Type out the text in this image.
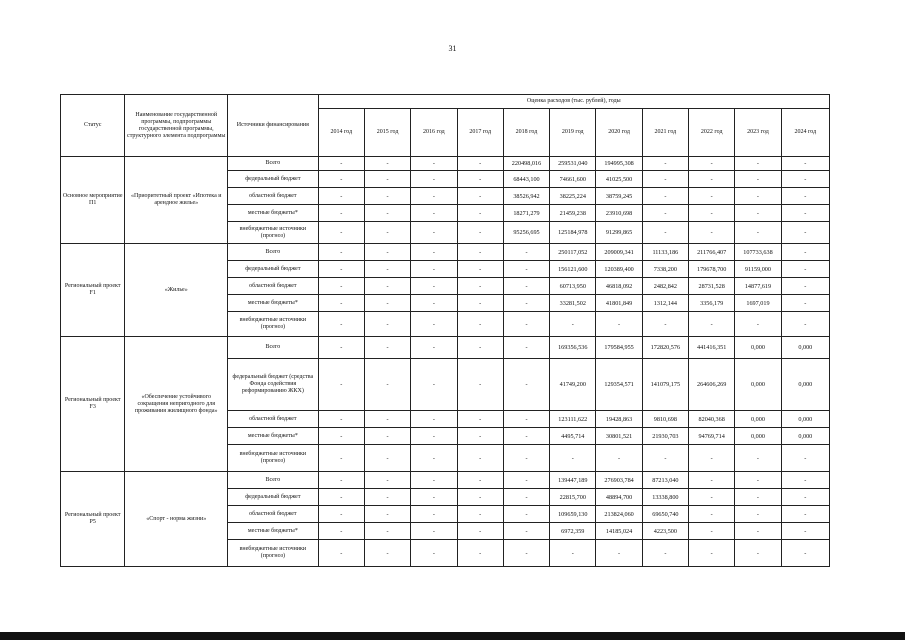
31
Статус	Наименование государственной программы, подпрограммы государственной программы, структурного элемента подпрограммы	Источники финансирования	Оценка расходов (тыс. рублей), годы										
			2014 год	2015 год	2016 год	2017 год	2018 год	2019 год	2020 год	2021 год	2022 год	2023 год	2024 год
Основное мероприятие П1	«Приоритетный проект «Ипотека и арендное жилье»	Всего	-	-	-	-	220498,016	259531,040	194995,308	-	-	-	-
		федеральный бюджет	-	-	-	-	68443,100	74661,600	41025,500	-	-	-	-
		областной бюджет	-	-	-	-	38526,942	38225,224	38759,245	-	-	-	-
		местные бюджеты*	-	-	-	-	18271,279	21459,238	23910,698	-	-	-	-
		внебюджетные источники (прогноз)	-	-	-	-	95256,695	125184,978	91299,865	-	-	-	-
Региональный проект F1	«Жилье»	Всего	-	-	-	-	-	250117,052	209009,341	11133,186	211766,407	107733,638	-
		федеральный бюджет	-	-	-	-	-	156121,600	120389,400	7338,200	179678,700	91159,000	-
		областной бюджет	-	-	-	-	-	60713,950	46818,092	2482,842	28731,528	14877,619	-
		местные бюджеты*	-	-	-	-	-	33281,502	41801,849	1312,144	3356,179	1697,019	-
		внебюджетные источники (прогноз)	-	-	-	-	-	-	-	-	-	-	-
Региональный проект F3	«Обеспечение устойчивого сокращения непригодного для проживания жилищного фонда»	Всего	-	-	-	-	-	169356,536	179584,955	172820,576	441416,351	0,000	0,000
		федеральный бюджет (средства Фонда содействия реформированию ЖКХ)	-	-	-	-	-	41749,200	129354,571	141079,175	264606,269	0,000	0,000
		областной бюджет	-	-	-	-	-	123111,622	19428,863	9810,698	82040,368	0,000	0,000
		местные бюджеты*	-	-	-	-	-	4495,714	30801,521	21930,703	94769,714	0,000	0,000
		внебюджетные источники (прогноз)	-	-	-	-	-	-	-	-	-	-	-
Региональный проект P5	«Спорт - норма жизни»	Всего	-	-	-	-	-	139447,189	276903,784	87213,040	-	-	-
		федеральный бюджет	-	-	-	-	-	22815,700	48894,700	13338,800	-	-	-
		областной бюджет	-	-	-	-	-	109659,130	213824,060	69650,740	-	-	-
		местные бюджеты*	-	-	-	-	-	6972,359	14185,024	4223,500	-	-	-
		внебюджетные источники (прогноз)	-	-	-	-	-	-	-	-	-	-	-
